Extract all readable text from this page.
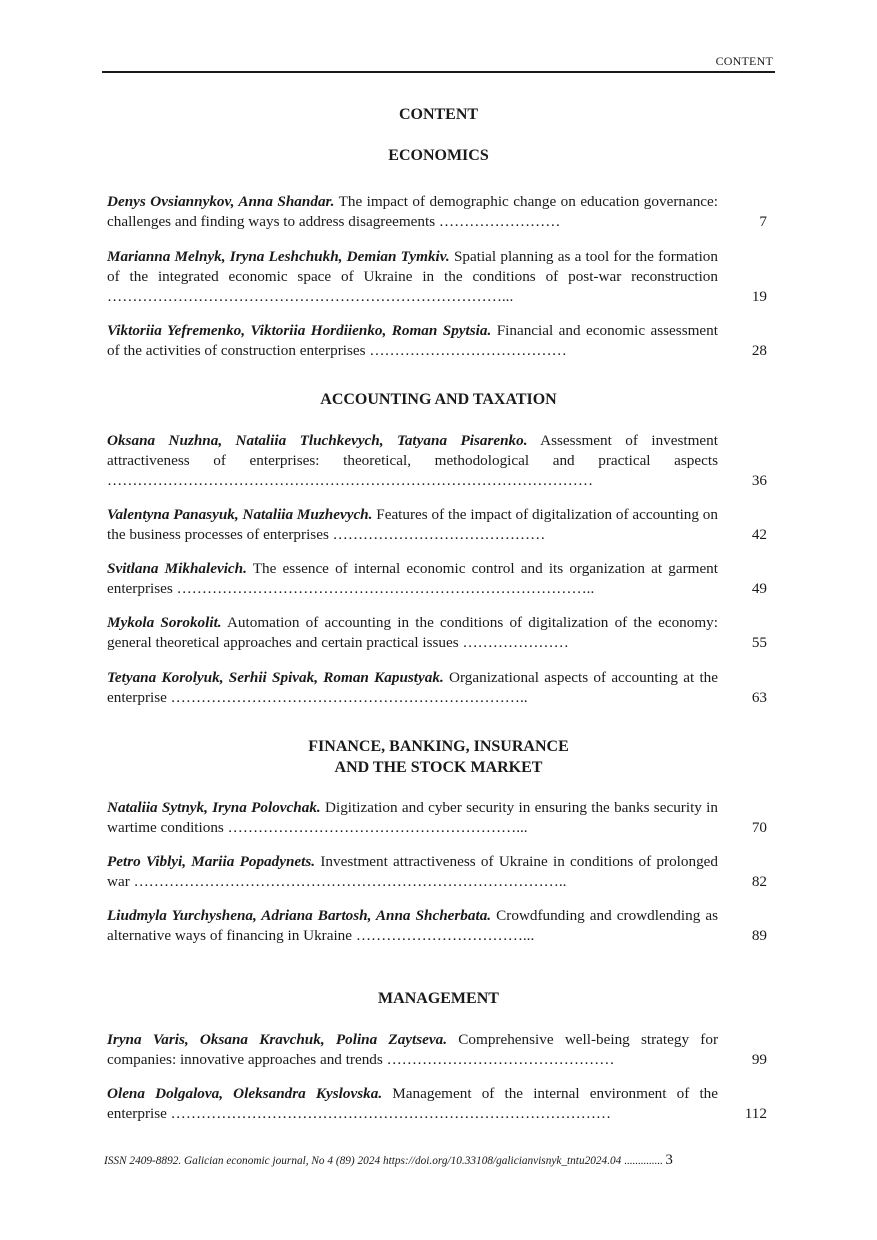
CONTENT
CONTENT
ECONOMICS
Denys Ovsiannykov, Anna Shandar. The impact of demographic change on education governance: challenges and finding ways to address disagreements ……………………	7
Marianna Melnyk, Iryna Leshchukh, Demian Tymkiv. Spatial planning as a tool for the formation of the integrated economic space of Ukraine in the conditions of post-war reconstruction ……………………………………………………………………...	19
Viktoriia Yefremenko, Viktoriia Hordiienko, Roman Spytsia. Financial and economic assessment of the activities of construction enterprises …………………………………	28
ACCOUNTING AND TAXATION
Oksana Nuzhna, Nataliia Tluchkevych, Tatyana Pisarenko. Assessment of investment attractiveness of enterprises: theoretical, methodological and practical aspects ……………………………………………………………………………………	36
Valentyna Panasyuk, Nataliia Muzhevych. Features of the impact of digitalization of accounting on the business processes of enterprises ……………………………………	42
Svitlana Mikhalevich. The essence of internal economic control and its organization at garment enterprises ………………………………………………………………………..	49
Mykola Sorokolit. Automation of accounting in the conditions of digitalization of the economy: general theoretical approaches and certain practical issues …………………	55
Tetyana Korolyuk, Serhii Spivak, Roman Kapustyak. Organizational aspects of accounting at the enterprise ……………………………………………………………..	63
FINANCE, BANKING, INSURANCE
AND THE STOCK MARKET
Nataliia Sytnyk, Iryna Polovchak. Digitization and cyber security in ensuring the banks security in wartime conditions …………………………………………………...	70
Petro Viblyi, Mariia Popadynets. Investment attractiveness of Ukraine in conditions of prolonged war …………………………………………………………………………..	82
Liudmyla Yurchyshena, Adriana Bartosh, Anna Shcherbata. Crowdfunding and crowdlending as alternative ways of financing in Ukraine ……………………………...	89
MANAGEMENT
Iryna Varis, Oksana Kravchuk, Polina Zaytseva. Comprehensive well-being strategy for companies: innovative approaches and trends ………………………………………	99
Olena Dolgalova, Oleksandra Kyslovska. Management of the internal environment of the enterprise ……………………………………………………………………………	112
ISSN 2409-8892. Galician economic journal, No 4 (89) 2024 https://doi.org/10.33108/galicianvisnyk_tntu2024.04 .............. 3
